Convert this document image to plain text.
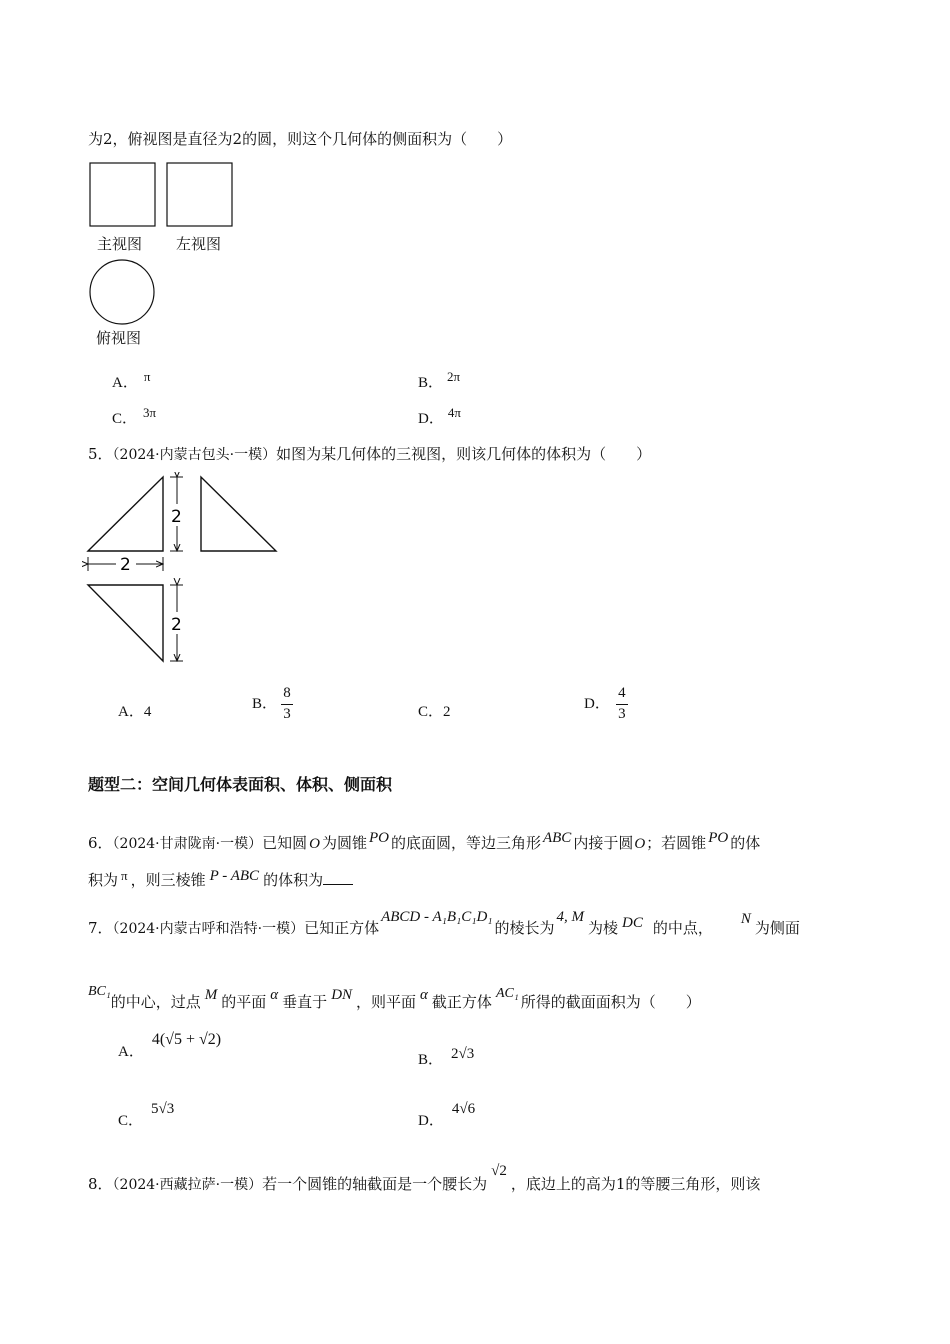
为2，俯视图是直径为2的圆，则这个几何体的侧面积为（　　）
主视图 左视图
俯视图
A． π	B． 2π
C． 3π	D． 4π
5．（2024·内蒙古包头·一模）如图为某几何体的三视图，则该几何体的体积为（　　）
2
2
2
A．4	B． $\frac{8}{3}$	C．2	D． $\frac{4}{3}$
题型二：空间几何体表面积、体积、侧面积
6．（2024·甘肃陇南·一模）已知圆 O 为圆锥 PO 的底面圆，等边三角形 ABC 内接于圆O；若圆锥 PO 的体
积为 π ，则三棱锥 P - ABC 的体积为
7．（2024·内蒙古呼和浩特·一模）已知正方体ABCD - A₁B₁C₁D₁的棱长为4, M为棱 DC 的中点， N 为侧面
BC₁的中心，过点 M 的平面 α 垂直于 DN ，则平面 α 截正方体 AC₁ 所得的截面面积为（　　）
A．4(√5 + √2)
B． 2√3
C．5√3
D．4√6
8．（2024·西藏拉萨·一模）若一个圆锥的轴截面是一个腰长为√2，底边上的高为1的等腰三角形，则该
